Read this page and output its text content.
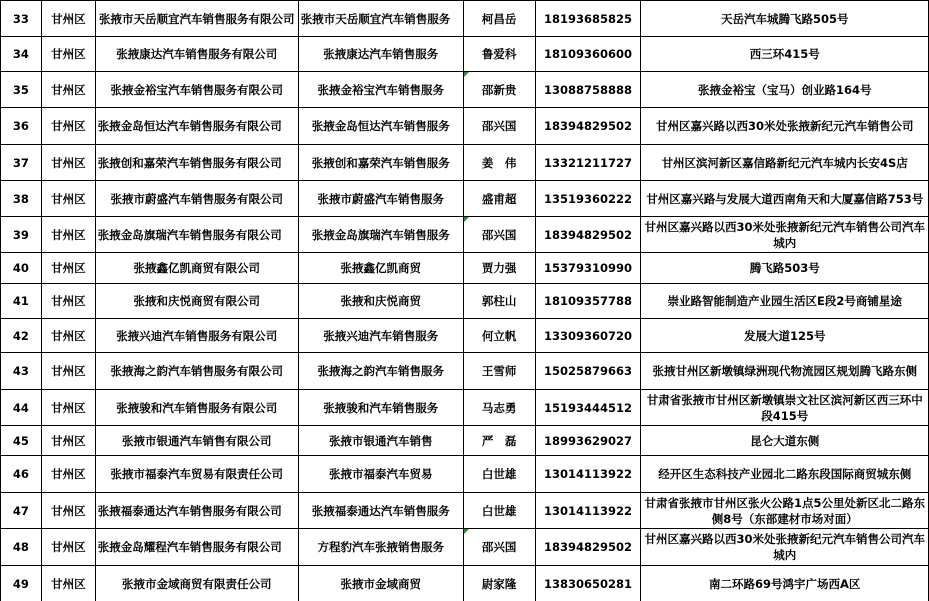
33	甘州区	张掖市天岳顺宜汽车销售服务有限公司	张掖市天岳顺宜汽车销售服务	柯昌岳	18193685825	天岳汽车城腾飞路505号
34	甘州区	张掖康达汽车销售服务有限公司	张掖康达汽车销售服务	鲁爱科	18109360600	西三环415号
35	甘州区	张掖金裕宝汽车销售服务有限公司	张掖金裕宝汽车销售服务	邵新贵	13088758888	张掖金裕宝（宝马）创业路164号
36	甘州区	张掖金岛恒达汽车销售服务有限公司	张掖金岛恒达汽车销售服务	邵兴国	18394829502	甘州区嘉兴路以西30米处张掖新纪元汽车销售公司
37	甘州区	张掖创和嘉荣汽车销售服务有限公司	张掖创和嘉荣汽车销售服务	姜　伟	13321211727	甘州区滨河新区嘉信路新纪元汽车城内长安4S店
38	甘州区	张掖市蔚盛汽车销售服务有限公司	张掖市蔚盛汽车销售服务	盛甫超	13519360222	甘州区嘉兴路与发展大道西南角天和大厦嘉信路753号
39	甘州区	张掖金岛旗瑞汽车销售服务有限公司	张掖金岛旗瑞汽车销售服务	邵兴国	18394829502	甘州区嘉兴路以西30米处张掖新纪元汽车销售公司汽车城内
40	甘州区	张掖鑫亿凯商贸有限公司	张掖鑫亿凯商贸	贾力强	15379310990	腾飞路503号
41	甘州区	张掖和庆悦商贸有限公司	张掖和庆悦商贸	郭柱山	18109357788	崇业路智能制造产业园生活区E段2号商铺星途
42	甘州区	张掖兴迪汽车销售服务有限公司	张掖兴迪汽车销售服务	何立帆	13309360720	发展大道125号
43	甘州区	张掖海之韵汽车销售服务有限公司	张掖海之韵汽车销售服务	王雪师	15025879663	张掖甘州区新墩镇绿洲现代物流园区规划腾飞路东侧
44	甘州区	张掖骏和汽车销售服务有限公司	张掖骏和汽车销售服务	马志勇	15193444512	甘肃省张掖市甘州区新墩镇崇文社区滨河新区西三环中段415号
45	甘州区	张掖市银通汽车销售有限公司	张掖市银通汽车销售	严　磊	18993629027	昆仑大道东侧
46	甘州区	张掖市福泰汽车贸易有限责任公司	张掖市福泰汽车贸易	白世雄	13014113922	经开区生态科技产业园北二路东段国际商贸城东侧
47	甘州区	张掖福泰通达汽车销售服务有限公司	张掖福泰通达汽车销售服务	白世雄	13014113922	甘肃省张掖市甘州区张火公路1点5公里处新区北二路东侧8号（东部建材市场对面）
48	甘州区	张掖金岛耀程汽车销售服务有限公司	方程豹汽车张掖销售服务	邵兴国	18394829502	甘州区嘉兴路以西30米处张掖新纪元汽车销售公司汽车城内
49	甘州区	张掖市金域商贸有限责任公司	张掖市金域商贸	尉家隆	13830650281	南二环路69号鸿宇广场西A区
